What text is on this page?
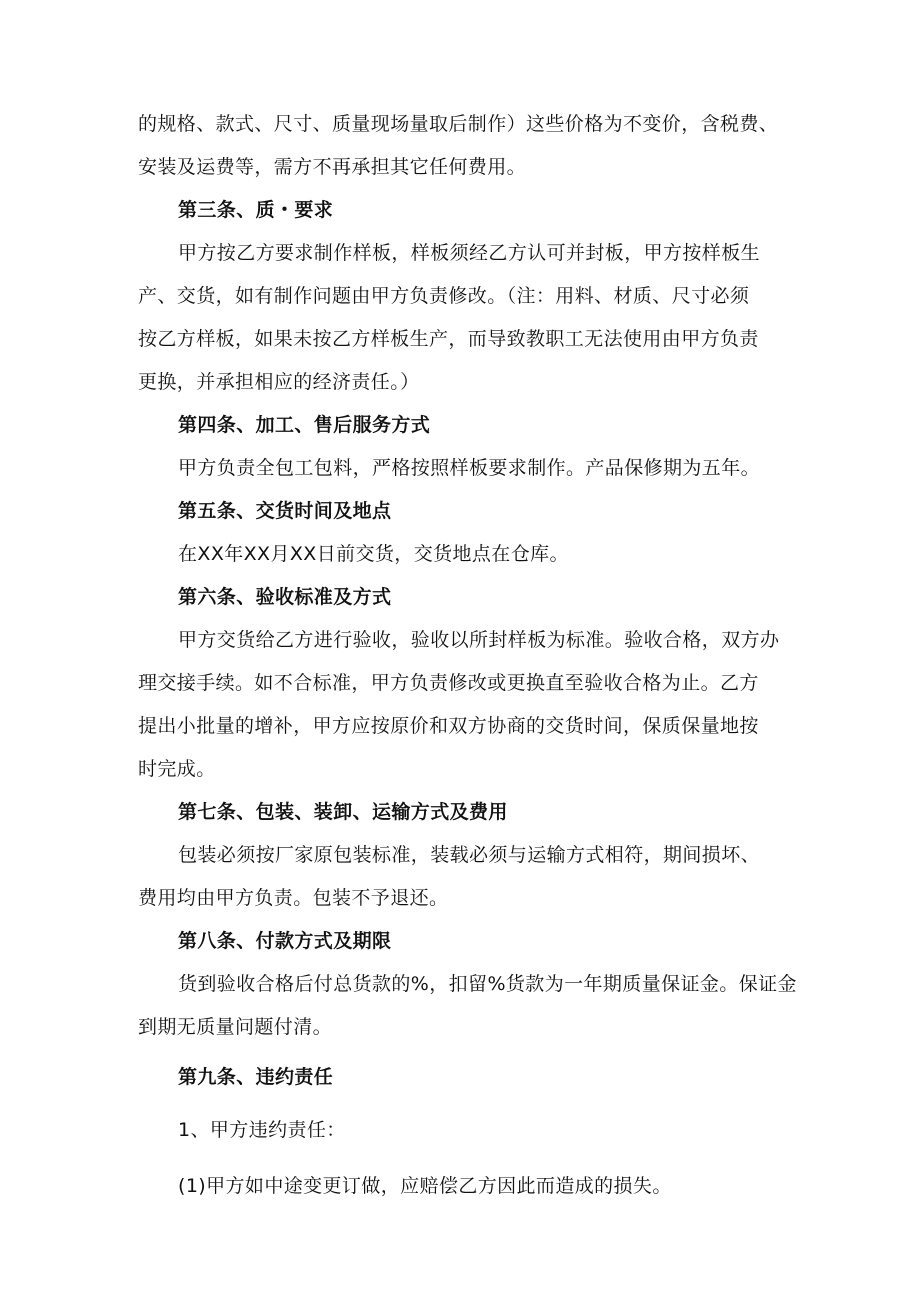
的规格、款式、尺寸、质量现场量取后制作）这些价格为不变价，含税费、
安装及运费等，需方不再承担其它任何费用。
第三条、质・要求
甲方按乙方要求制作样板，样板须经乙方认可并封板，甲方按样板生
产、交货，如有制作问题由甲方负责修改。（注：用料、材质、尺寸必须
按乙方样板，如果未按乙方样板生产，而导致教职工无法使用由甲方负责
更换，并承担相应的经济责任。）
第四条、加工、售后服务方式
甲方负责全包工包料，严格按照样板要求制作。产品保修期为五年。
第五条、交货时间及地点
在XX年XX月XX日前交货，交货地点在仓库。
第六条、验收标准及方式
甲方交货给乙方进行验收，验收以所封样板为标准。验收合格，双方办
理交接手续。如不合标准，甲方负责修改或更换直至验收合格为止。乙方
提出小批量的增补，甲方应按原价和双方协商的交货时间，保质保量地按
时完成。
第七条、包装、装卸、运输方式及费用
包装必须按厂家原包装标准，装载必须与运输方式相符，期间损坏、
费用均由甲方负责。包装不予退还。
第八条、付款方式及期限
货到验收合格后付总货款的%，扣留%货款为一年期质量保证金。保证金
到期无质量问题付清。
第九条、违约责任
1、甲方违约责任：
(1)甲方如中途变更订做，应赔偿乙方因此而造成的损失。
